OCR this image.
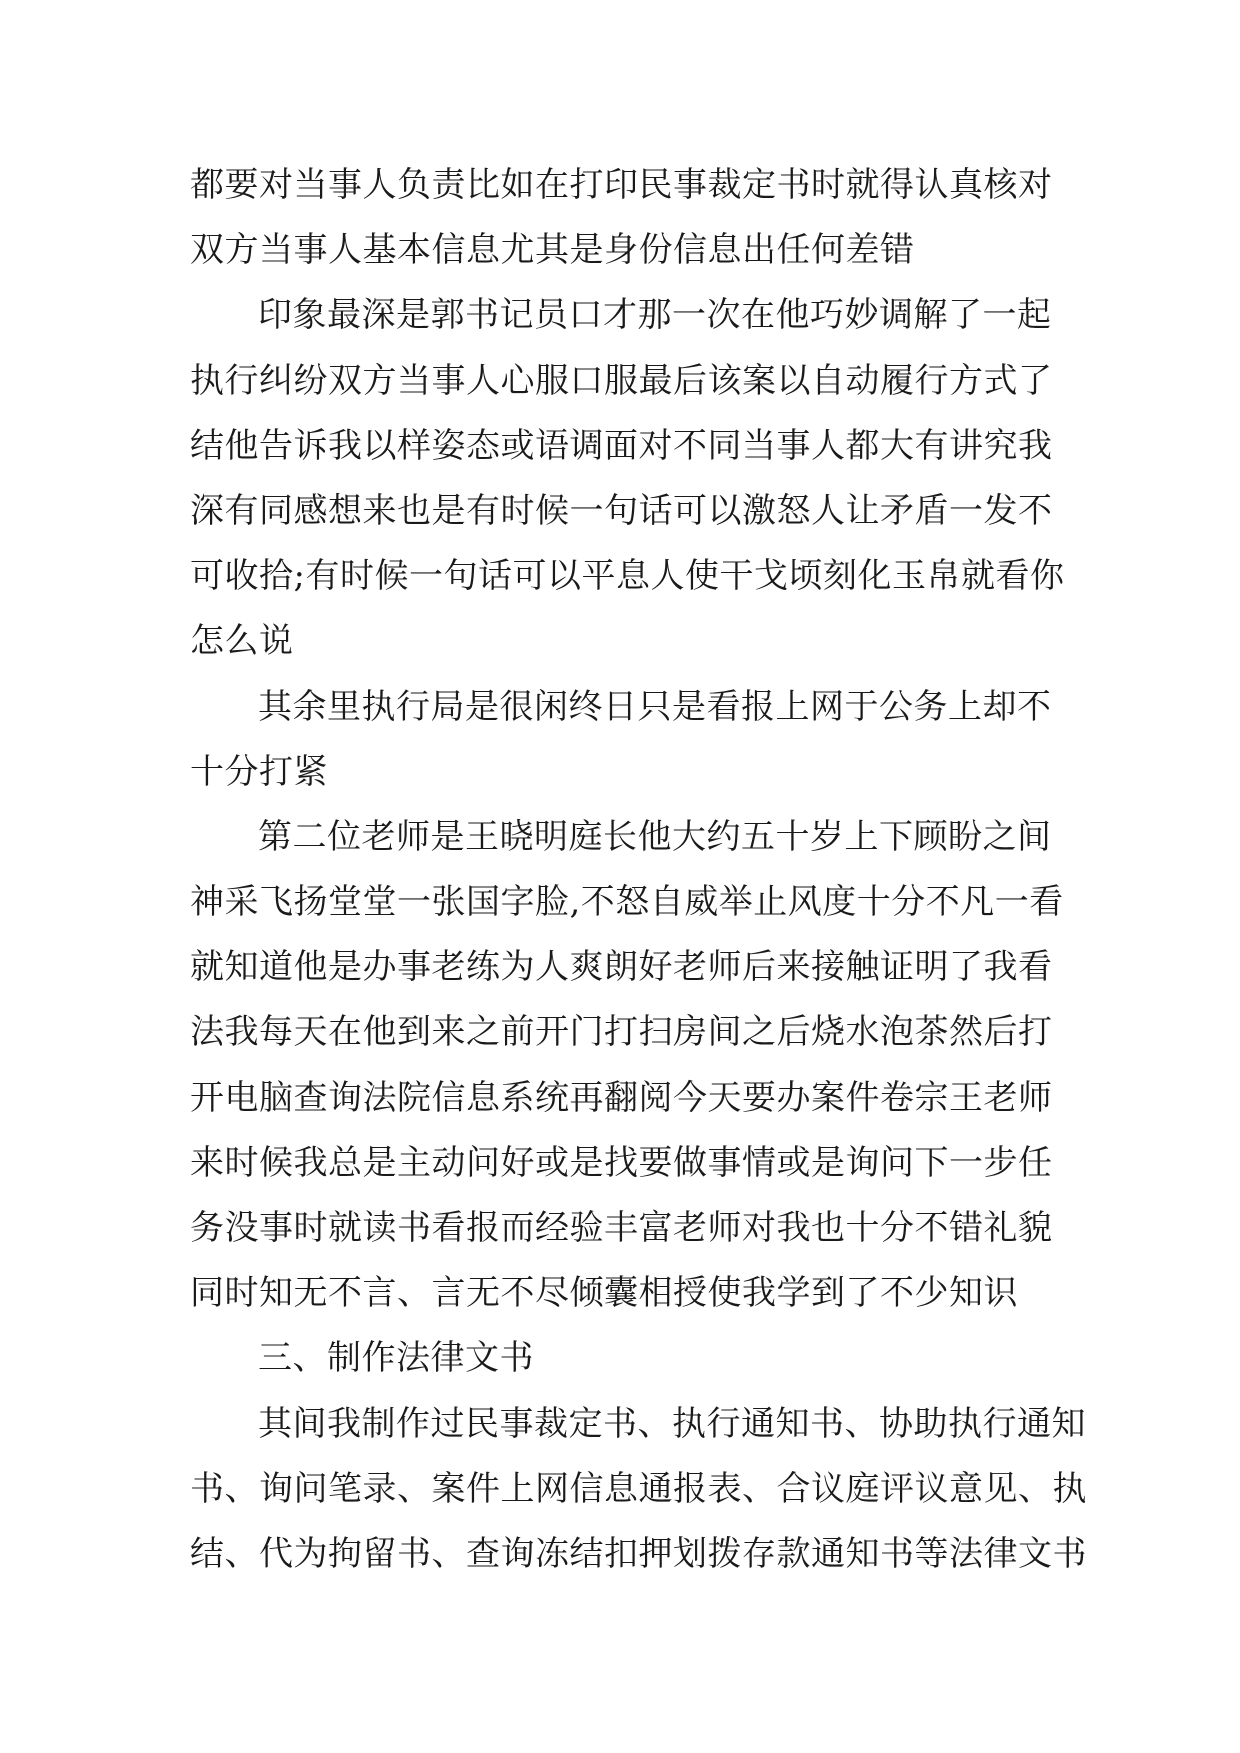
都要对当事人负责比如在打印民事裁定书时就得认真核对
双方当事人基本信息尤其是身份信息出任何差错
印象最深是郭书记员口才那一次在他巧妙调解了一起
执行纠纷双方当事人心服口服最后该案以自动履行方式了
结他告诉我以样姿态或语调面对不同当事人都大有讲究我
深有同感想来也是有时候一句话可以激怒人让矛盾一发不
可收拾;有时候一句话可以平息人使干戈顷刻化玉帛就看你
怎么说
其余里执行局是很闲终日只是看报上网于公务上却不
十分打紧
第二位老师是王晓明庭长他大约五十岁上下顾盼之间
神采飞扬堂堂一张国字脸,不怒自威举止风度十分不凡一看
就知道他是办事老练为人爽朗好老师后来接触证明了我看
法我每天在他到来之前开门打扫房间之后烧水泡茶然后打
开电脑查询法院信息系统再翻阅今天要办案件卷宗王老师
来时候我总是主动问好或是找要做事情或是询问下一步任
务没事时就读书看报而经验丰富老师对我也十分不错礼貌
同时知无不言、言无不尽倾囊相授使我学到了不少知识
三、制作法律文书
其间我制作过民事裁定书、执行通知书、协助执行通知
书、询问笔录、案件上网信息通报表、合议庭评议意见、执
结、代为拘留书、查询冻结扣押划拨存款通知书等法律文书
